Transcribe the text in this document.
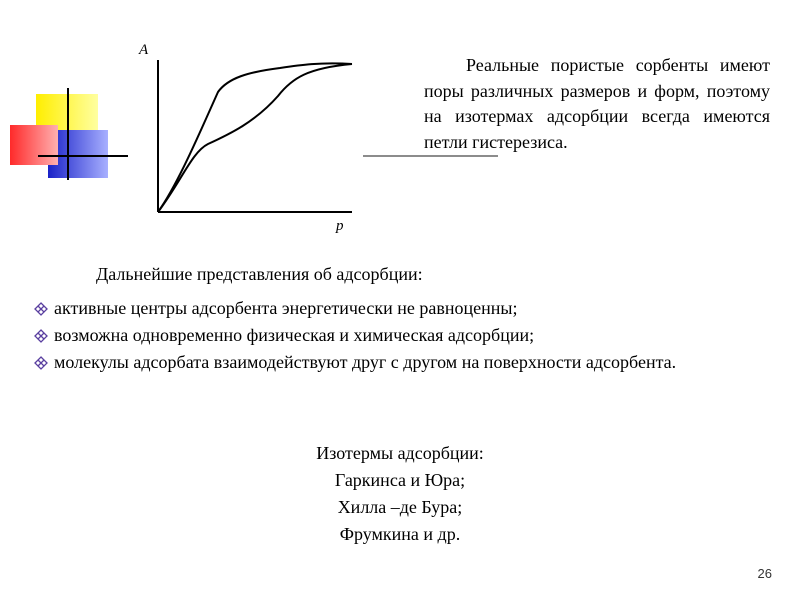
A
p

Реальные пористые сорбенты имеют поры различных размеров и форм, поэтому на изотермах адсорбции всегда имеются петли гистерезиса.

Дальнейшие представления об адсорбции:

активные центры адсорбента энергетически не равноценны;
возможна одновременно физическая и химическая адсорбции;
молекулы адсорбата взаимодействуют друг с другом на поверхности адсорбента.
Изотермы адсорбции:
Гаркинса и Юра;
Хилла –де Бура;
Фрумкина и др.
26
